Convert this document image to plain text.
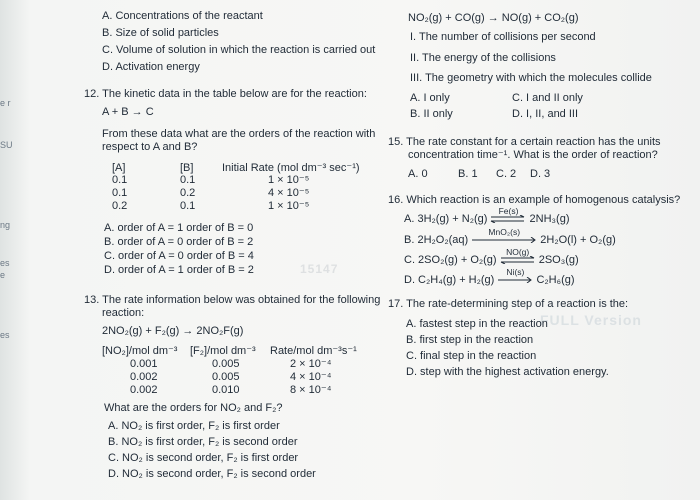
e r
SU
ng
es
e
es
15147
FULL Version
A. Concentrations of the reactant
B. Size of solid particles
C. Volume of solution in which the reaction is carried out
D. Activation energy
12. The kinetic data in the table below are for the reaction:
A + B → C
From these data what are the orders of the reaction with
respect to A and B?
[A]	[B]	Initial Rate (mol dm⁻³ sec⁻¹)
0.1	0.1	1 × 10⁻⁵
0.1	0.2	4 × 10⁻⁵
0.2	0.1	1 × 10⁻⁵
A. order of A = 1 order of B = 0
B. order of A = 0 order of B = 2
C. order of A = 0 order of B = 4
D. order of A = 1 order of B = 2
13. The rate information below was obtained for the following
reaction:
2NO₂(g) + F₂(g) → 2NO₂F(g)
[NO₂]/mol dm⁻³ [F₂]/mol dm⁻³ Rate/mol dm⁻³s⁻¹
0.001	0.005	2 × 10⁻⁴
0.002	0.005	4 × 10⁻⁴
0.002	0.010	8 × 10⁻⁴
What are the orders for NO₂ and F₂?
A. NO₂ is first order, F₂ is first order
B. NO₂ is first order, F₂ is second order
C. NO₂ is second order, F₂ is first order
D. NO₂ is second order, F₂ is second order
NO₂(g) + CO(g) → NO(g) + CO₂(g)
I. The number of collisions per second
II. The energy of the collisions
III. The geometry with which the molecules collide
A. I only	C. I and II only
B. II only	D. I, II, and III
15. The rate constant for a certain reaction has the units
concentration time⁻¹. What is the order of reaction?
A. 0	B. 1 C. 2 D. 3
16. Which reaction is an example of homogenous catalysis?
A. 3H₂(g) + N₂(g)
Fe(s)
2NH₃(g)
B. 2H₂O₂(aq)
MnO₂(s)
2H₂O(l) + O₂(g)
C. 2SO₂(g) + O₂(g)
NO(g)
2SO₃(g)
D. C₂H₄(g) + H₂(g)
Ni(s)
C₂H₆(g)
17. The rate-determining step of a reaction is the:
A. fastest step in the reaction
B. first step in the reaction
C. final step in the reaction
D. step with the highest activation energy.
